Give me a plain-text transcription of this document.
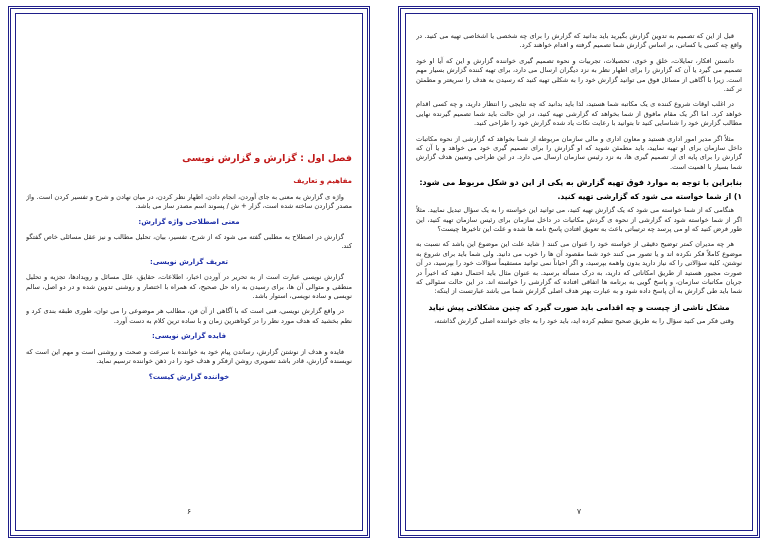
فصل اول : گزارش و گزارش نویسی
مفاهیم و تعاریف

واژه ی گزارش به معنی به جای آوردن، انجام دادن، اظهار نظر کردن، در میان نهادن و شرح و تفسیر کردن است. واژ مصدر گزاردن ساخته شده است، گزار + ش / پسوند اسم مصدر ساز می باشد.

معنی اصطلاحی واژه گزارش:

گزارش در اصطلاح به مطلبی گفته می شود که از شرح، تفسیر، بیان، تحلیل مطالب و نیز عقل مسائلی خاص گفتگو کند.

تعریف گزارش نویسی:

گزارش نویسی عبارت است از به تحریر در آوردن اخبار، اطلاعات، حقایق، علل مسائل و رویدادها، تجزیه و تحلیل منطقی و متوالی آن ها، برای رسیدن به راه حل صحیح، که همراه با اختصار و روشنی تدوین شده و در دو اصل، سالم نویسی و ساده نویسی، استوار باشد.

در واقع گزارش نویسی، فنی است که با آگاهی از آن فن، مطالب هر موضوعی را می توان، طوری طبقه بندی کرد و نظم بخشید که هدف مورد نظر را در کوتاهترین زمان و با ساده ترین کلام به دست آورد.

فایده گزارش نویسی:

فایده و هدف از نوشتن گزارش، رساندن پیام خود به خواننده با سرعت و صحت و روشنی است و مهم این است که نویسنده گزارش، قادر باشد تصویری روشن ازفکر و هدف خود را در ذهن خواننده ترسیم نماید.

خواننده گزارش کیست؟
۶

قبل از این که تصمیم به تدوین گزارش بگیرید باید بدانید که گزارش را برای چه شخصی یا اشخاصی تهیه می کنید. در واقع چه کسی یا کسانی، بر اساس گزارش شما تصمیم گرفته و اقدام خواهند کرد.

دانستن افکار، تمایلات، خلق و خوی، تحصیلات، تجربیات و نحوه تصمیم گیری خواننده گزارش و این که آیا او خود تصمیم می گیرد یا آن که گزارش را برای اظهار نظر به نزد دیگران ارسال می دارد، برای تهیه کننده گزارش بسیار مهم است. زیرا با آگاهی از مسائل فوق می توانید گزارش خود را به شکلی تهیه کنید که رسیدن به هدف را سریعتر و مطمئن تر کند.

در اغلب اوقات شروع کننده ی یک مکاتبه شما هستید، لذا باید بدانید که چه نتایجی را انتظار دارید، و چه کسی اقدام خواهد کرد. اما اگر یک مقام مافوق از شما بخواهد که گزارشی تهیه کنید، در این حالت باید شما تصمیم گیرنده نهایی مطالب گزارش خود را شناسایی کنید تا بتوانید با رعایت نکات یاد شده گزارش خود را طراحی کنید.

مثلاً اگر مدیر امور اداری هستید و معاون اداری و مالی سازمان مربوطه از شما بخواهد که گزارشی از نحوه مکاتبات داخل سازمان برای او تهیه نمایید، باید مطمئن شوید که او گزارش را برای تصمیم گیری خود می خواهد و یا آن که گزارش را برای پایه ای از تصمیم گیری ها، به نزد رئیس سازمان ارسال می دارد. در این طراحی وتعیین هدف گزارش شما بسیار با اهمیت است.

بنابراین با توجه به موارد فوق تهیه گزارش به یکی از این دو شکل مربوط می شود:
۱) از شما خواسته می شود که گزارشی تهیه کنید.

هنگامی که از شما خواسته می شود که یک گزارش تهیه کنید، می توانید این خواسته را به یک سؤال تبدیل نمایید. مثلاً اگر از شما خواسته شود که گزارشی از نحوه ی گردش مکاتبات در داخل سازمان برای رئیس سازمان تهیه کنید، این طور فرض کنید که او می پرسد چه ترتیباتی باعث به تعویق افتادن پاسخ نامه ها شده و علت این تاخیرها چیست؟

هر چه مدیران کمتر توضیح دقیقی از خواسته خود را عنوان می کنند ( شاید علت این موضوع این باشد که نسبت به موضوع کاملاً فکر نکرده اند و یا تصور می کنند خود شما مقصود آن ها را خوب می دانید. ولی شما باید برای شروع به نوشتن، کلیه سؤالاتی را که نیاز دارید بدون واهمه بپرسید، و اگر احیاناً نمی توانید مستقیماً سؤالات خود را بپرسید، در آن صورت مجبور هستید از طریق امکاناتی که دارید، به درک مسأله برسید. به عنوان مثال باید احتمال دهید که اخیراً در جریان مکاتبات سازمان، و پاسخ گویی به برنامه ها اتفاقی افتاده که گزارشی را خواسته اند. در این حالت سئوالی که شما باید طی گزارش به آن پاسخ داده شود و به عبارت بهتر هدف اصلی گزارش شما می باشد عبارتست از اینکه:

مشکل ناشی از چیست و چه اقدامی باید صورت گیرد که چنین مشکلاتی پیش نیاید

وقتی فکر می کنید سؤال را به طریق صحیح تنظیم کرده اید، باید خود را به جای خواننده اصلی گزارش گذاشته،

۷
